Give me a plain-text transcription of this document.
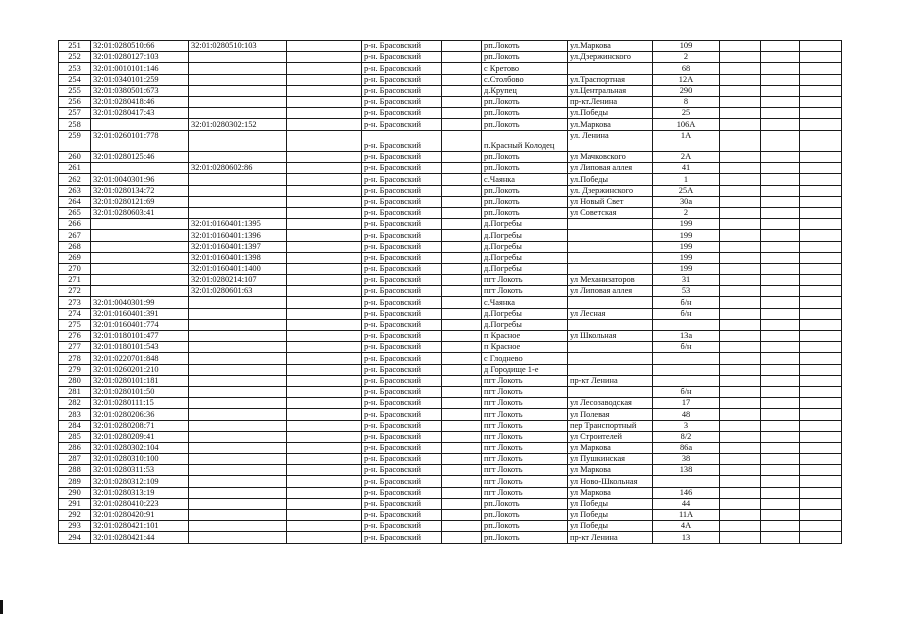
251	32:01:0280510:66	32:01:0280510:103		р-н. Брасовский		рп.Локоть	ул.Маркова	109			
252	32:01:0280127:103			р-н. Брасовский		рп.Локоть	ул.Дзержинского	2			
253	32:01:0010101:146			р-н. Брасовский		с Кретово		68			
254	32:01:0340101:259			р-н. Брасовский		с.Столбово	ул.Траспортная	12А			
255	32:01:0380501:673			р-н. Брасовский		д.Крупец	ул.Центральная	290			
256	32:01:0280418:46			р-н. Брасовский		рп.Локоть	пр-кт.Ленина	8			
257	32:01:0280417:43			р-н. Брасовский		рп.Локоть	ул.Победы	25			
258		32:01:0280302:152		р-н. Брасовский		рп.Локоть	ул.Маркова	106А			
259	32:01:0260101:778			р-н. Брасовский		п.Красный Колодец	ул. Ленина	1А			
260	32:01:0280125:46			р-н. Брасовский		рп.Локоть	ул Мачковского	2А			
261		32:01:0280602:86		р-н. Брасовский		рп.Локоть	ул Липовая аллея	41			
262	32:01:0040301:96			р-н. Брасовский		с.Чаянка	ул.Победы	1			
263	32:01:0280134:72			р-н. Брасовский		рп.Локоть	ул. Дзержинского	25А			
264	32:01:0280121:69			р-н. Брасовский		рп.Локоть	ул Новый Свет	30а			
265	32:01:0280603:41			р-н. Брасовский		рп.Локоть	ул Советская	2			
266		32:01:0160401:1395		р-н. Брасовский		д.Погребы		199			
267		32:01:0160401:1396		р-н. Брасовский		д.Погребы		199			
268		32:01:0160401:1397		р-н. Брасовский		д.Погребы		199			
269		32:01:0160401:1398		р-н. Брасовский		д.Погребы		199			
270		32:01:0160401:1400		р-н. Брасовский		д.Погребы		199			
271		32:01:0280214:107		р-н. Брасовский		пгт Локоть	ул Механизаторов	31			
272		32:01:0280601:63		р-н. Брасовский		пгт Локоть	ул Липовая аллея	53			
273	32:01:0040301:99			р-н. Брасовский		с.Чаянка		б/н			
274	32:01:0160401:391			р-н. Брасовский		д.Погребы	ул Лесная	б/н			
275	32:01:0160401:774			р-н. Брасовский		д.Погребы					
276	32:01:0180101:477			р-н. Брасовский		п Красное	ул Школьная	13а			
277	32:01:0180101:543			р-н. Брасовский		п Красное		б/н			
278	32:01:0220701:848			р-н. Брасовский		с Глоднево					
279	32:01:0260201:210			р-н. Брасовский		д Городище 1-е					
280	32:01:0280101:181			р-н. Брасовский		пгт Локоть	пр-кт Ленина				
281	32:01:0280101:50			р-н. Брасовский		пгт Локоть		б/н			
282	32:01:0280111:15			р-н. Брасовский		пгт Локоть	ул Лесозаводская	17			
283	32:01:0280206:36			р-н. Брасовский		пгт Локоть	ул Полевая	48			
284	32:01:0280208:71			р-н. Брасовский		пгт Локоть	пер Транспортный	3			
285	32:01:0280209:41			р-н. Брасовский		пгт Локоть	ул Строителей	8/2			
286	32:01:0280302:104			р-н. Брасовский		пгт Локоть	ул Маркова	86а			
287	32:01:0280310:100			р-н. Брасовский		пгт Локоть	ул Пушкинская	38			
288	32:01:0280311:53			р-н. Брасовский		пгт Локоть	ул Маркова	138			
289	32:01:0280312:109			р-н. Брасовский		пгт Локоть	ул Ново-Школьная				
290	32:01:0280313:19			р-н. Брасовский		пгт Локоть	ул Маркова	146			
291	32:01:0280410:223			р-н. Брасовский		рп.Локоть	ул Победы	44			
292	32:01:0280420:91			р-н. Брасовский		рп.Локоть	ул Победы	11А			
293	32:01:0280421:101			р-н. Брасовский		рп.Локоть	ул Победы	4А			
294	32:01:0280421:44			р-н. Брасовский		рп.Локоть	пр-кт Ленина	13			
